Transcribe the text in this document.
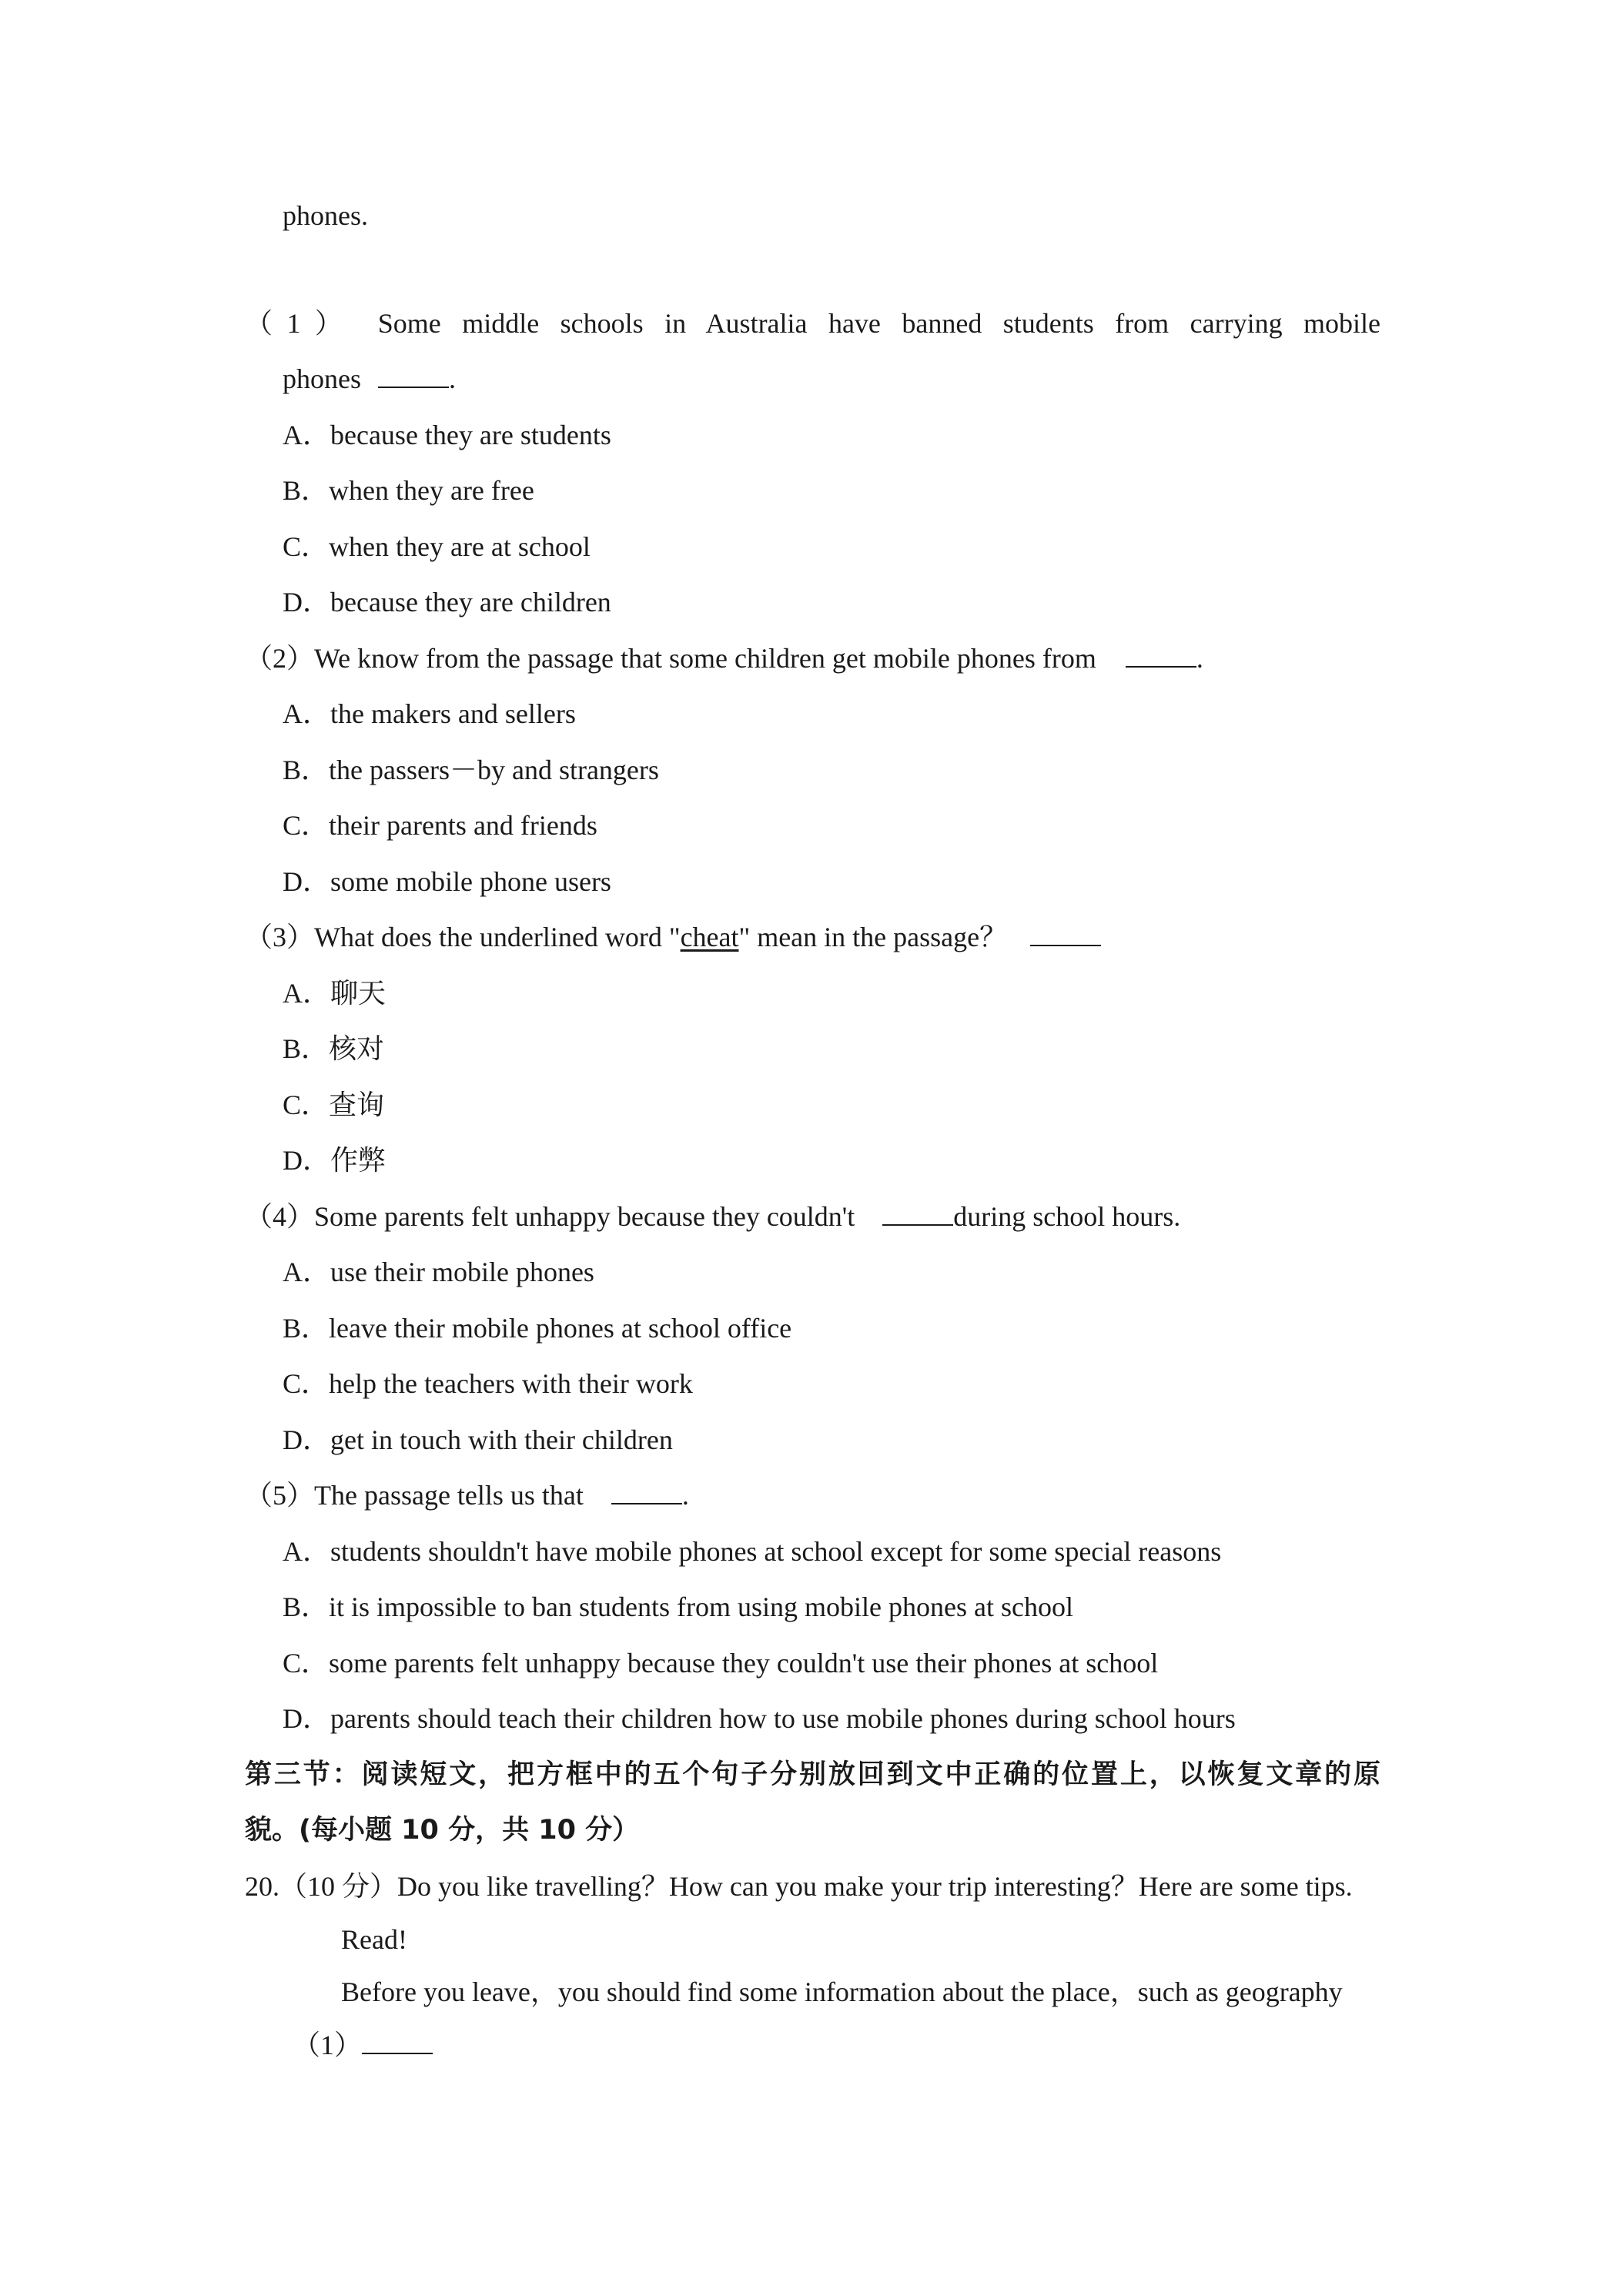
phones.
（1） Some middle schools in Australia have banned students from carrying mobile
phones	.
A．because they are students
B．when they are free
C．when they are at school
D．because they are children
（2）We know from the passage that some children get mobile phones from	.
A．the makers and sellers
B．the passers－by and strangers
C．their parents and friends
D．some mobile phone users
（3）What does the underlined word "cheat" mean in the passage？
A．聊天
B．核对
C．查询
D．作弊
（4）Some parents felt unhappy because they couldn't	during school hours.
A．use their mobile phones
B．leave their mobile phones at school office
C．help the teachers with their work
D．get in touch with their children
（5）The passage tells us that	.
A．students shouldn't have mobile phones at school except for some special reasons
B．it is impossible to ban students from using mobile phones at school
C．some parents felt unhappy because they couldn't use their phones at school
D．parents should teach their children how to use mobile phones during school hours
第三节：阅读短文，把方框中的五个句子分别放回到文中正确的位置上，以恢复文章的原
貌。(每小题 10 分，共 10 分）
20.（10 分）Do you like travelling？How can you make your trip interesting？Here are some tips.
Read!
Before you leave，you should find some information about the place，such as geography
（1）
